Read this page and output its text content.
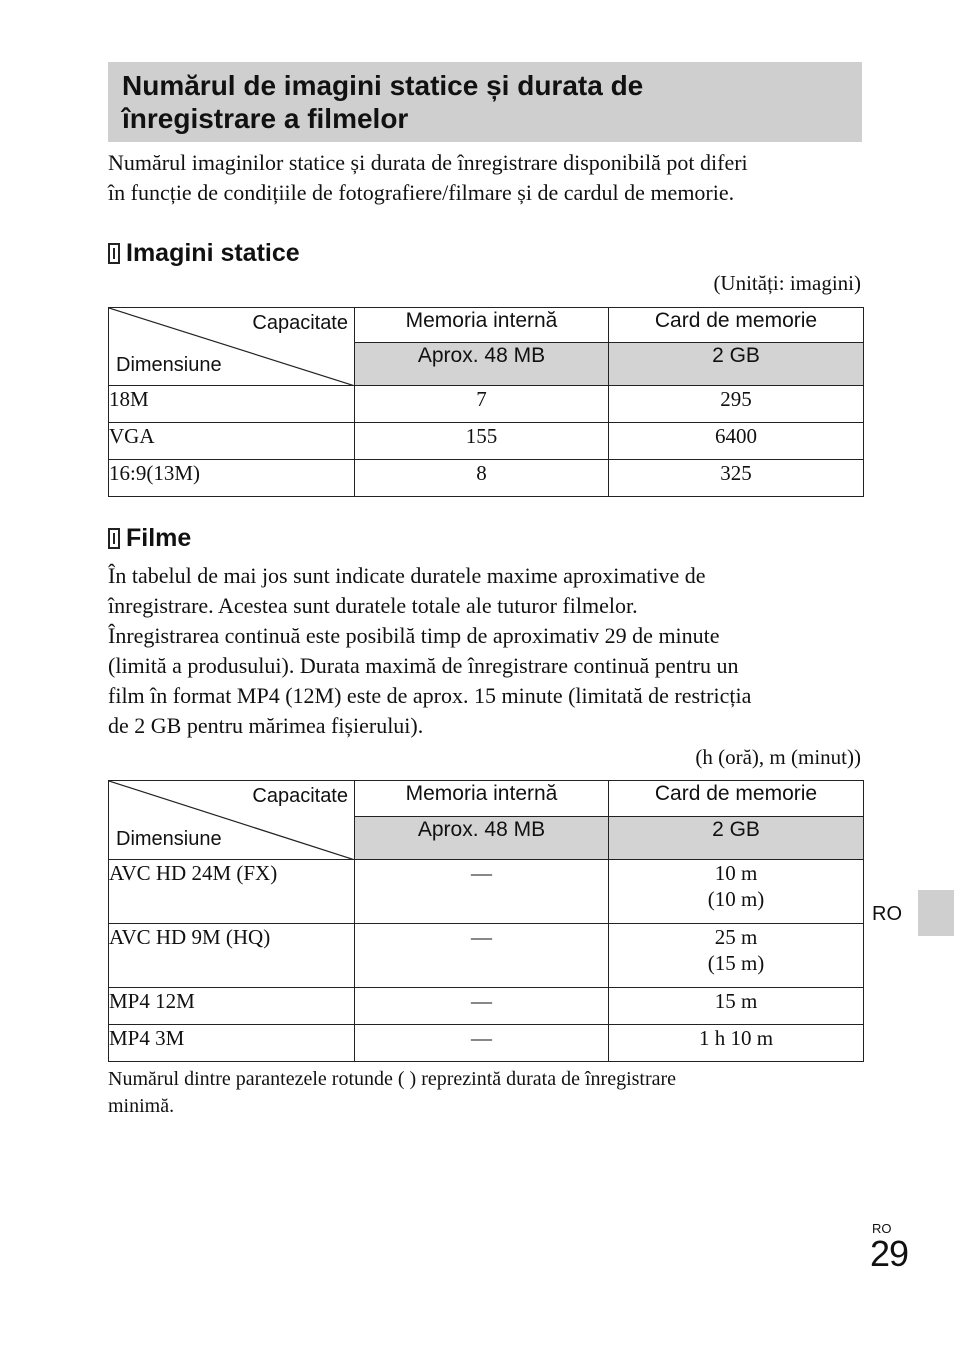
Numărul de imagini statice și durata de
înregistrare a filmelor
Numărul imaginilor statice și durata de înregistrare disponibilă pot diferi
în funcție de condițiile de fotografiere/filmare și de cardul de memorie.
Imagini statice
(Unități: imagini)
Capacitate
Dimensiune	Memoria internă	Card de memorie
	Aprox. 48 MB	2 GB
18M	7	295
VGA	155	6400
16:9(13M)	8	325
Filme
În tabelul de mai jos sunt indicate duratele maxime aproximative de
înregistrare. Acestea sunt duratele totale ale tuturor filmelor.
Înregistrarea continuă este posibilă timp de aproximativ 29 de minute
(limită a produsului). Durata maximă de înregistrare continuă pentru un
film în format MP4 (12M) este de aprox. 15 minute (limitată de restricția
de 2 GB pentru mărimea fișierului).
(h (oră), m (minut))
Capacitate
Dimensiune	Memoria internă	Card de memorie
	Aprox. 48 MB	2 GB
AVC HD 24M (FX)	—	10 m
(10 m)

AVC HD 9M (HQ)	—	25 m
(15 m)

MP4 12M	—	15 m
MP4 3M	—	1 h 10 m
Numărul dintre parantezele rotunde ( ) reprezintă durata de înregistrare
minimă.
RO
RO
29
